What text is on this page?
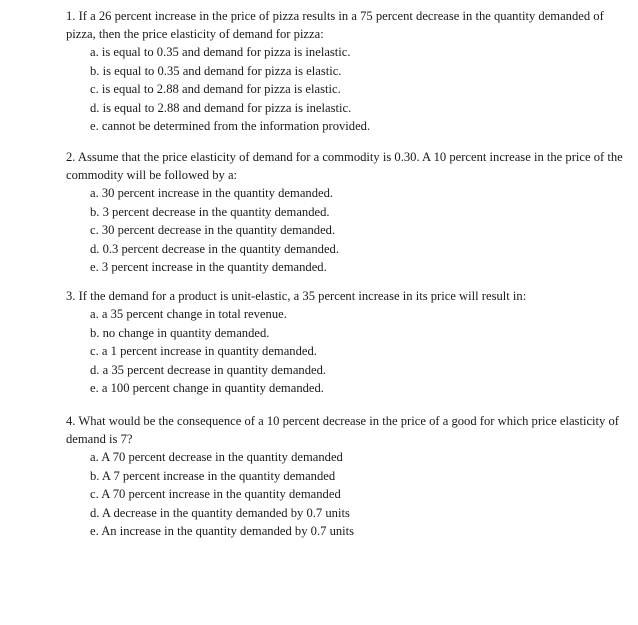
1. If a 26 percent increase in the price of pizza results in a 75 percent decrease in the quantity demanded of pizza, then the price elasticity of demand for pizza:

a. is equal to 0.35 and demand for pizza is inelastic.
b. is equal to 0.35 and demand for pizza is elastic.
c. is equal to 2.88 and demand for pizza is elastic.
d. is equal to 2.88 and demand for pizza is inelastic.
e. cannot be determined from the information provided.

2. Assume that the price elasticity of demand for a commodity is 0.30. A 10 percent increase in the price of the commodity will be followed by a:

a. 30 percent increase in the quantity demanded.
b. 3 percent decrease in the quantity demanded.
c. 30 percent decrease in the quantity demanded.
d. 0.3 percent decrease in the quantity demanded.
e. 3 percent increase in the quantity demanded.

3. If the demand for a product is unit-elastic, a 35 percent increase in its price will result in:

a. a 35 percent change in total revenue.
b. no change in quantity demanded.
c. a 1 percent increase in quantity demanded.
d. a 35 percent decrease in quantity demanded.
e. a 100 percent change in quantity demanded.

4. What would be the consequence of a 10 percent decrease in the price of a good for which price elasticity of demand is 7?

a. A 70 percent decrease in the quantity demanded
b. A 7 percent increase in the quantity demanded
c. A 70 percent increase in the quantity demanded
d. A decrease in the quantity demanded by 0.7 units
e. An increase in the quantity demanded by 0.7 units
